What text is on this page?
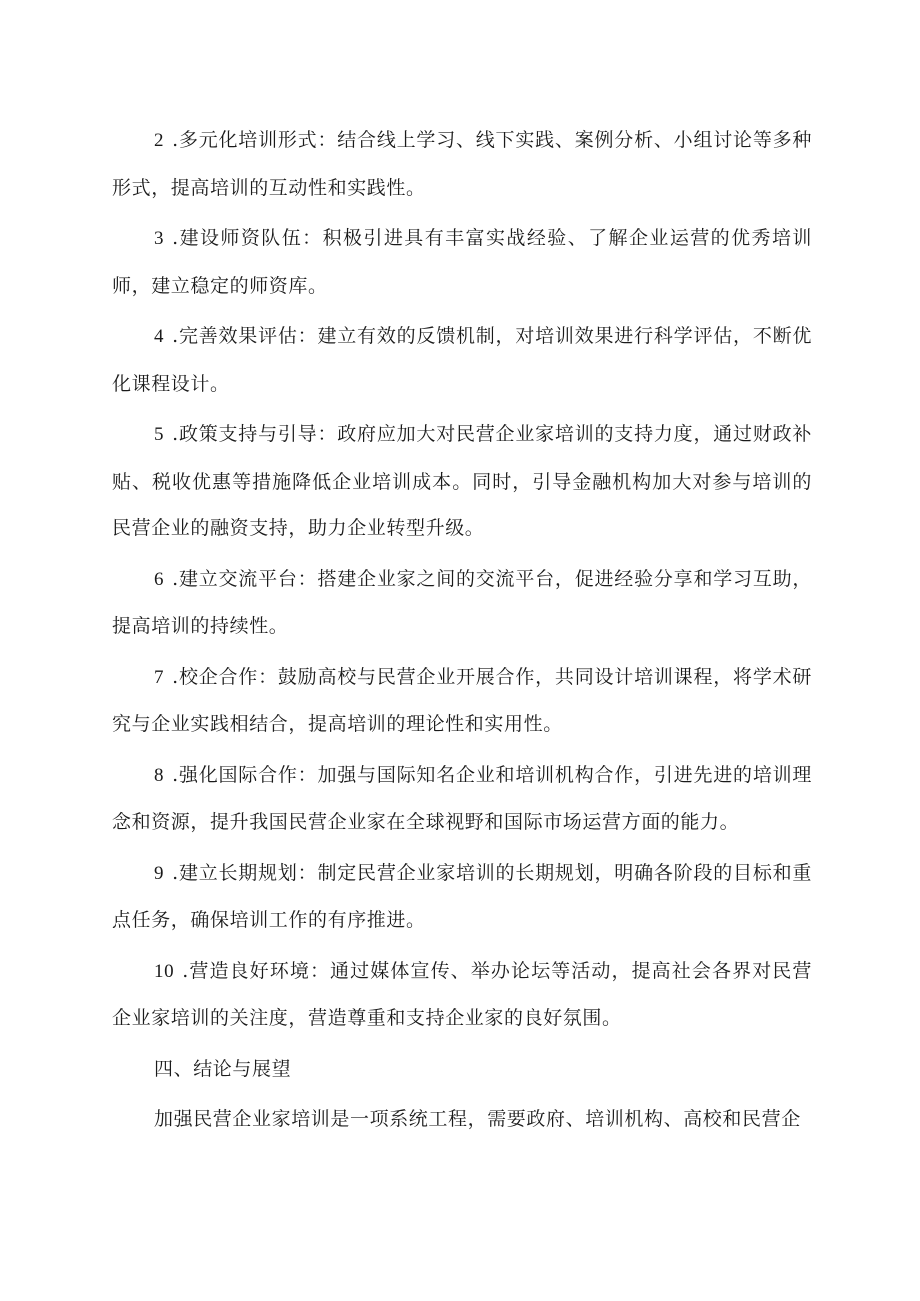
2 .多元化培训形式：结合线上学习、线下实践、案例分析、小组讨论等多种形式，提高培训的互动性和实践性。

3 .建设师资队伍：积极引进具有丰富实战经验、了解企业运营的优秀培训师，建立稳定的师资库。

4 .完善效果评估：建立有效的反馈机制，对培训效果进行科学评估，不断优化课程设计。

5 .政策支持与引导：政府应加大对民营企业家培训的支持力度，通过财政补贴、税收优惠等措施降低企业培训成本。同时，引导金融机构加大对参与培训的民营企业的融资支持，助力企业转型升级。

6 .建立交流平台：搭建企业家之间的交流平台，促进经验分享和学习互助，提高培训的持续性。

7 .校企合作：鼓励高校与民营企业开展合作，共同设计培训课程，将学术研究与企业实践相结合，提高培训的理论性和实用性。

8 .强化国际合作：加强与国际知名企业和培训机构合作，引进先进的培训理念和资源，提升我国民营企业家在全球视野和国际市场运营方面的能力。

9 .建立长期规划：制定民营企业家培训的长期规划，明确各阶段的目标和重点任务，确保培训工作的有序推进。

10 .营造良好环境：通过媒体宣传、举办论坛等活动，提高社会各界对民营企业家培训的关注度，营造尊重和支持企业家的良好氛围。

四、结论与展望

加强民营企业家培训是一项系统工程，需要政府、培训机构、高校和民营企
